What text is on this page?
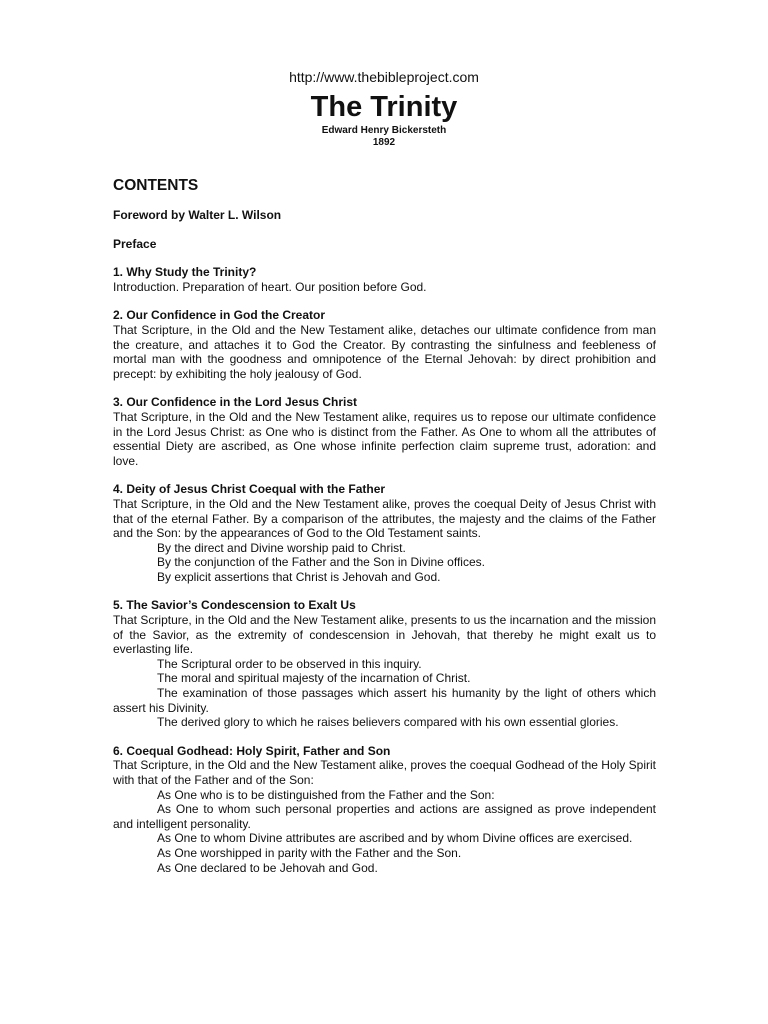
http://www.thebibleproject.com
The Trinity
Edward Henry Bickersteth
1892
CONTENTS
Foreword by Walter L. Wilson
Preface
1. Why Study the Trinity?
Introduction. Preparation of heart. Our position before God.
2. Our Confidence in God the Creator
That Scripture, in the Old and the New Testament alike, detaches our ultimate confidence from man the creature, and attaches it to God the Creator. By contrasting the sinfulness and feebleness of mortal man with the goodness and omnipotence of the Eternal Jehovah: by direct prohibition and precept: by exhibiting the holy jealousy of God.
3. Our Confidence in the Lord Jesus Christ
That Scripture, in the Old and the New Testament alike, requires us to repose our ultimate confidence in the Lord Jesus Christ: as One who is distinct from the Father. As One to whom all the attributes of essential Diety are ascribed, as One whose infinite perfection claim supreme trust, adoration: and love.
4. Deity of Jesus Christ Coequal with the Father
That Scripture, in the Old and the New Testament alike, proves the coequal Deity of Jesus Christ with that of the eternal Father. By a comparison of the attributes, the majesty and the claims of the Father and the Son: by the appearances of God to the Old Testament saints.
By the direct and Divine worship paid to Christ.
By the conjunction of the Father and the Son in Divine offices.
By explicit assertions that Christ is Jehovah and God.
5. The Savior’s Condescension to Exalt Us
That Scripture, in the Old and the New Testament alike, presents to us the incarnation and the mission of the Savior, as the extremity of condescension in Jehovah, that thereby he might exalt us to everlasting life.
The Scriptural order to be observed in this inquiry.
The moral and spiritual majesty of the incarnation of Christ.
The examination of those passages which assert his humanity by the light of others which assert his Divinity.
The derived glory to which he raises believers compared with his own essential glories.
6. Coequal Godhead: Holy Spirit, Father and Son
That Scripture, in the Old and the New Testament alike, proves the coequal Godhead of the Holy Spirit with that of the Father and of the Son:
As One who is to be distinguished from the Father and the Son:
As One to whom such personal properties and actions are assigned as prove independent and intelligent personality.
As One to whom Divine attributes are ascribed and by whom Divine offices are exercised.
As One worshipped in parity with the Father and the Son.
As One declared to be Jehovah and God.
